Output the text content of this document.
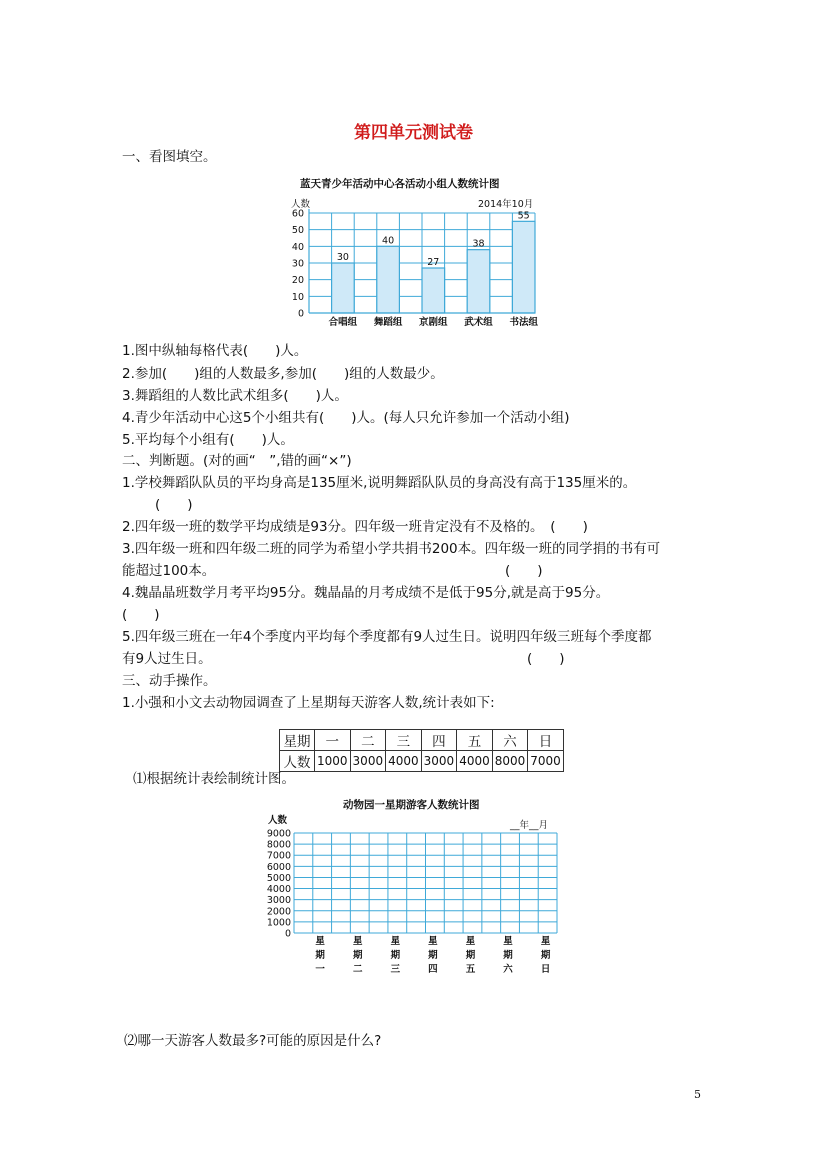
第四单元测试卷
一、看图填空。
蓝天青少年活动中心各活动小组人数统计图
人数	2014年10月
0
10
20
30
40
50
60
30
合唱组
40
舞蹈组
27
京剧组
38
武术组
55
书法组
1.图中纵轴每格代表(　　)人。
2.参加(　　)组的人数最多,参加(　　)组的人数最少。
3.舞蹈组的人数比武术组多(　　)人。
4.青少年活动中心这5个小组共有(　　)人。(每人只允许参加一个活动小组)
5.平均每个小组有(　　)人。
二、判断题。(对的画“　”,错的画“×”)
1.学校舞蹈队队员的平均身高是135厘米,说明舞蹈队队员的身高没有高于135厘米的。
(　　)
2.四年级一班的数学平均成绩是93分。四年级一班肯定没有不及格的。　(　　)
3.四年级一班和四年级二班的同学为希望小学共捐书200本。四年级一班的同学捐的书有可
能超过100本。	(　　)
4.魏晶晶班数学月考平均95分。魏晶晶的月考成绩不是低于95分,就是高于95分。
(　　)
5.四年级三班在一年4个季度内平均每个季度都有9人过生日。说明四年级三班每个季度都
有9人过生日。	(　　)
三、动手操作。
1.小强和小文去动物园调查了上星期每天游客人数,统计表如下:
星期	一	二	三	四	五	六	日
人数	1000	3000	4000	3000	4000	8000	7000
⑴根据统计表绘制统计图。
动物园一星期游客人数统计图
人数	__年__月
0
1000
2000
3000
4000
5000
6000
7000
8000
9000
星
期
一
星
期
二
星
期
三
星
期
四
星
期
五
星
期
六
星
期
日
⑵哪一天游客人数最多?可能的原因是什么?
5
